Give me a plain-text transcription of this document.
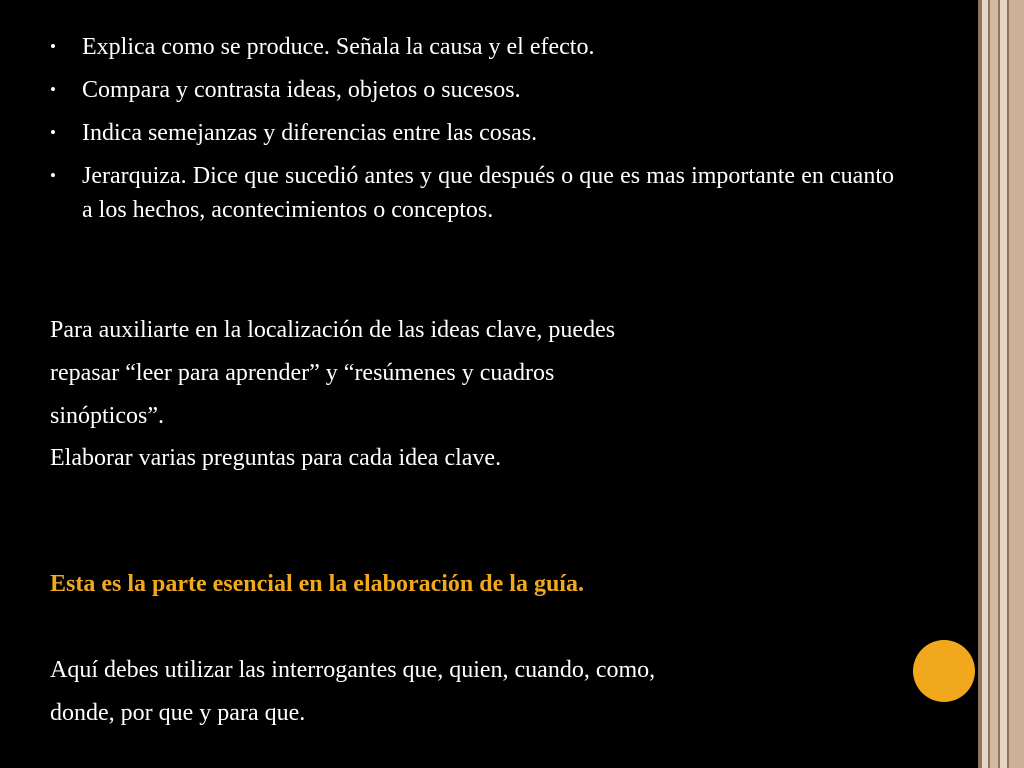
• Explica como se produce. Señala la causa y el efecto.
• Compara y contrasta ideas, objetos o sucesos.
• Indica semejanzas y diferencias entre las cosas.
• Jerarquiza. Dice que sucedió antes y que después o que es mas importante en cuanto a los hechos, acontecimientos o conceptos.

Para auxiliarte en la localización de las ideas clave, puedes
repasar “leer para aprender” y “resúmenes y cuadros
sinópticos”.

Elaborar varias preguntas para cada idea clave.

Esta es la parte esencial en la elaboración de la guía.

Aquí debes utilizar las interrogantes que, quien, cuando, como,
donde, por que y para que.
